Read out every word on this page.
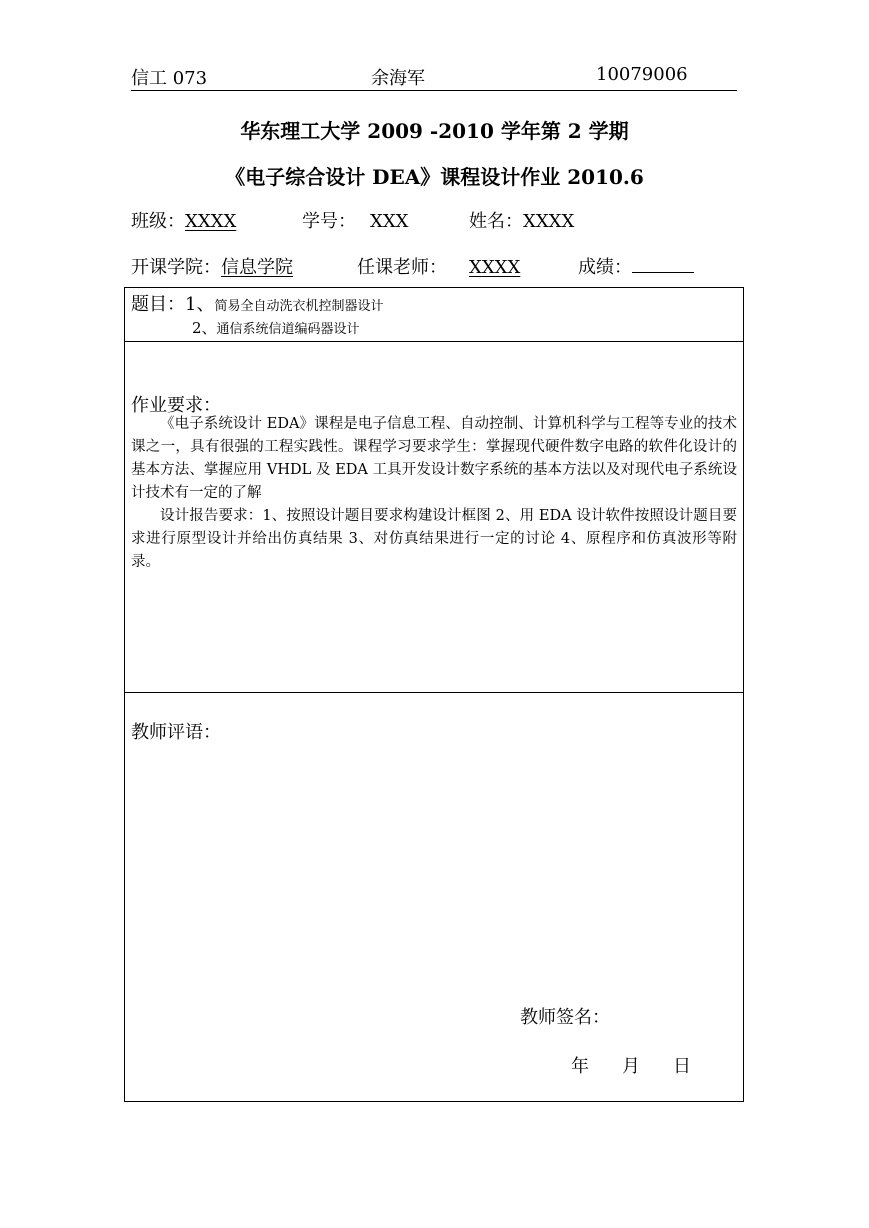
信工 073	余海军	10079006
华东理工大学 2009 -2010 学年第 2 学期
《电子综合设计 DEA》课程设计作业 2010.6
班级：XXXX	学号： XXX	姓名：XXXX
开课学院：信息学院	任课老师： XXXX	成绩：
题目：1、简易全自动洗衣机控制器设计
2、通信系统信道编码器设计
作业要求：

《电子系统设计 EDA》课程是电子信息工程、自动控制、计算机科学与工程等专业的技术课之一，具有很强的工程实践性。课程学习要求学生：掌握现代硬件数字电路的软件化设计的基本方法、掌握应用 VHDL 及 EDA 工具开发设计数字系统的基本方法以及对现代电子系统设计技术有一定的了解

设计报告要求：1、按照设计题目要求构建设计框图 2、用 EDA 设计软件按照设计题目要求进行原型设计并给出仿真结果 3、对仿真结果进行一定的讨论 4、原程序和仿真波形等附录。

教师评语：
教师签名：
年 月 日
